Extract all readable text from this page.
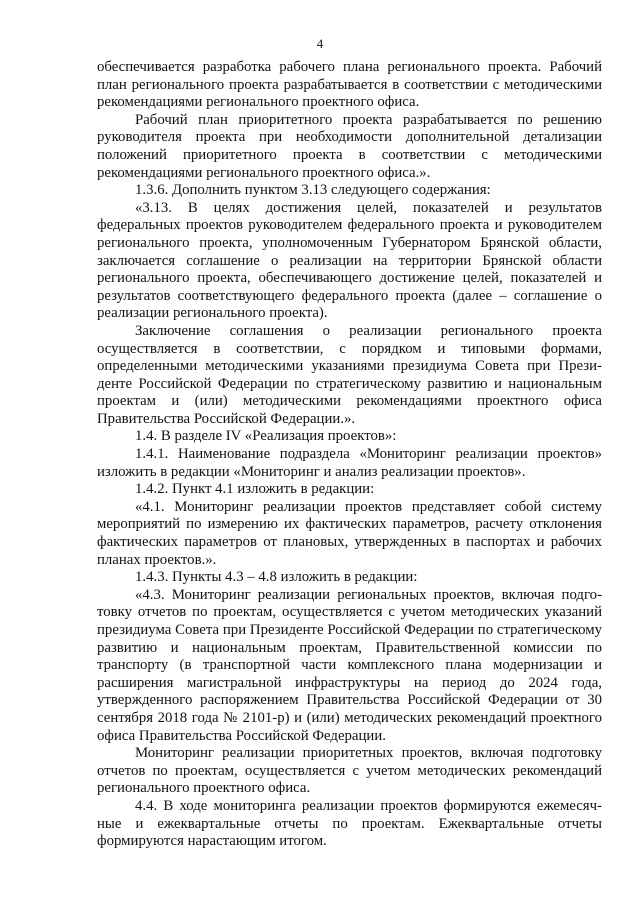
4

обеспечивается разработка рабочего плана регионального проекта. Рабочий план регионального проекта разрабатывается в соответствии с методическими рекомендациями регионального проектного офиса.

Рабочий план приоритетного проекта разрабатывается по решению руководителя проекта при необходимости дополнительной детализации положений приоритетного проекта в соответствии с методическими рекомендациями регионального проектного офиса.».

1.3.6. Дополнить пунктом 3.13 следующего содержания:

«3.13. В целях достижения целей, показателей и результатов федеральных проектов руководителем федерального проекта и руководителем регионального проекта, уполномоченным Губернатором Брянской области, заключается соглашение о реализации на территории Брянской области регионального проекта, обеспечивающего достижение целей, показателей и результатов соответствующего федерального проекта (далее – соглашение о реализации регионального проекта).

Заключение соглашения о реализации регионального проекта осуществляется в соответствии, с порядком и типовыми формами, определенными методическими указаниями президиума Совета при Президенте Российской Федерации по стратегическому развитию и национальным проектам и (или) методическими рекомендациями проектного офиса Правительства Российской Федерации.».

1.4. В разделе IV «Реализация проектов»:

1.4.1. Наименование подраздела «Мониторинг реализации проектов» изложить в редакции «Мониторинг и анализ реализации проектов».

1.4.2. Пункт 4.1 изложить в редакции:

«4.1. Мониторинг реализации проектов представляет собой систему мероприятий по измерению их фактических параметров, расчету отклонения фактических параметров от плановых, утвержденных в паспортах и рабочих планах проектов.».

1.4.3. Пункты 4.3 – 4.8 изложить в редакции:

«4.3. Мониторинг реализации региональных проектов, включая подготовку отчетов по проектам, осуществляется с учетом методических указаний президиума Совета при Президенте Российской Федерации по стратегическому развитию и национальным проектам, Правительственной комиссии по транспорту (в транспортной части комплексного плана модернизации и расширения магистральной инфраструктуры на период до 2024 года, утвержденного распоряжением Правительства Российской Федерации от 30 сентября 2018 года № 2101-р) и (или) методических рекомендаций проектного офиса Правительства Российской Федерации.

Мониторинг реализации приоритетных проектов, включая подготовку отчетов по проектам, осуществляется с учетом методических рекомендаций регионального проектного офиса.

4.4. В ходе мониторинга реализации проектов формируются ежемесячные и ежеквартальные отчеты по проектам. Ежеквартальные отчеты формируются нарастающим итогом.
